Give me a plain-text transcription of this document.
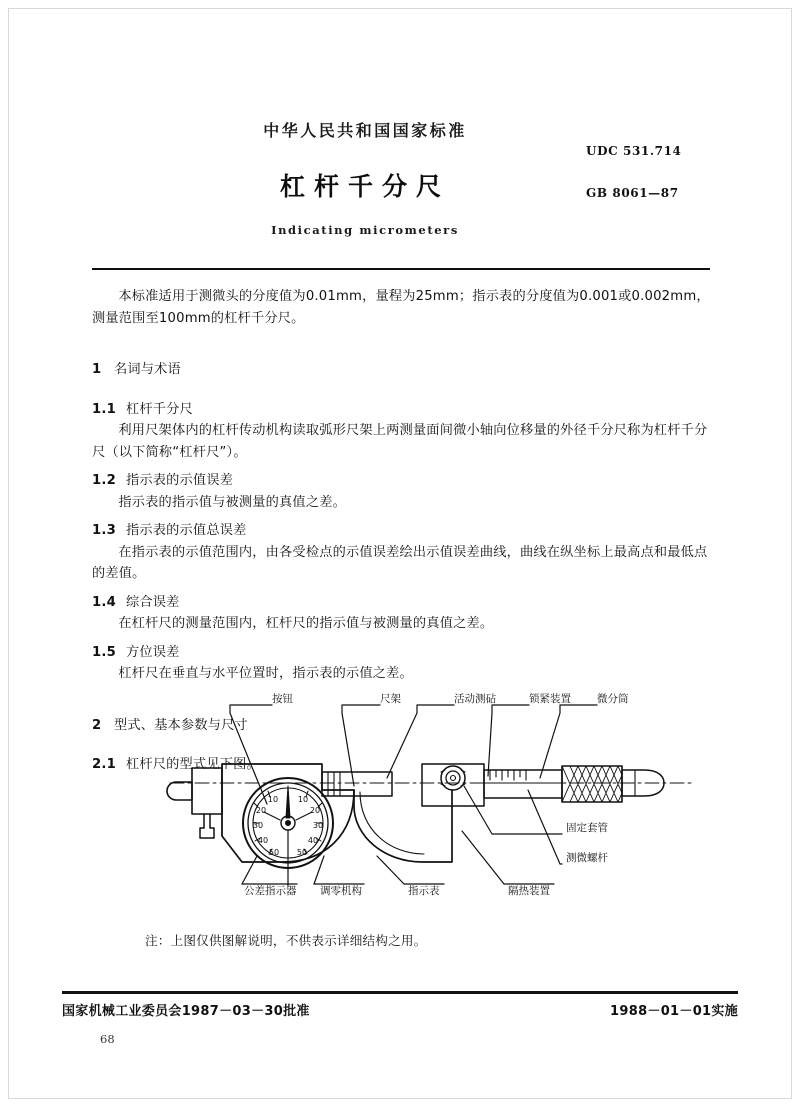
中华人民共和国国家标准
杠杆千分尺
Indicating micrometers
UDC 531.714
GB 8061—87

本标准适用于测微头的分度值为0.01mm，量程为25mm；指示表的分度值为0.001或0.002mm，测量范围至100mm的杠杆千分尺。

1 名词与术语

1.1 杠杆千分尺

利用尺架体内的杠杆传动机构读取弧形尺架上两测量面间微小轴向位移量的外径千分尺称为杠杆千分尺（以下简称“杠杆尺”）。

1.2 指示表的示值误差

指示表的指示值与被测量的真值之差。

1.3 指示表的示值总误差

在指示表的示值范围内，由各受检点的示值误差绘出示值误差曲线，曲线在纵坐标上最高点和最低点的差值。

1.4 综合误差

在杠杆尺的测量范围内，杠杆尺的指示值与被测量的真值之差。

1.5 方位误差

杠杆尺在垂直与水平位置时，指示表的示值之差。

2 型式、基本参数与尺寸

2.1 杠杆尺的型式见下图。

10 10
20	20
30	30
40	40
50 50
按钮	尺架	活动测砧	锁紧装置 微分筒
固定套管
测微螺杆
公差指示器 调零机构	指示表	隔热装置
注：上图仅供图解说明，不供表示详细结构之用。
国家机械工业委员会1987－03－30批准	1988－01－01实施
68
